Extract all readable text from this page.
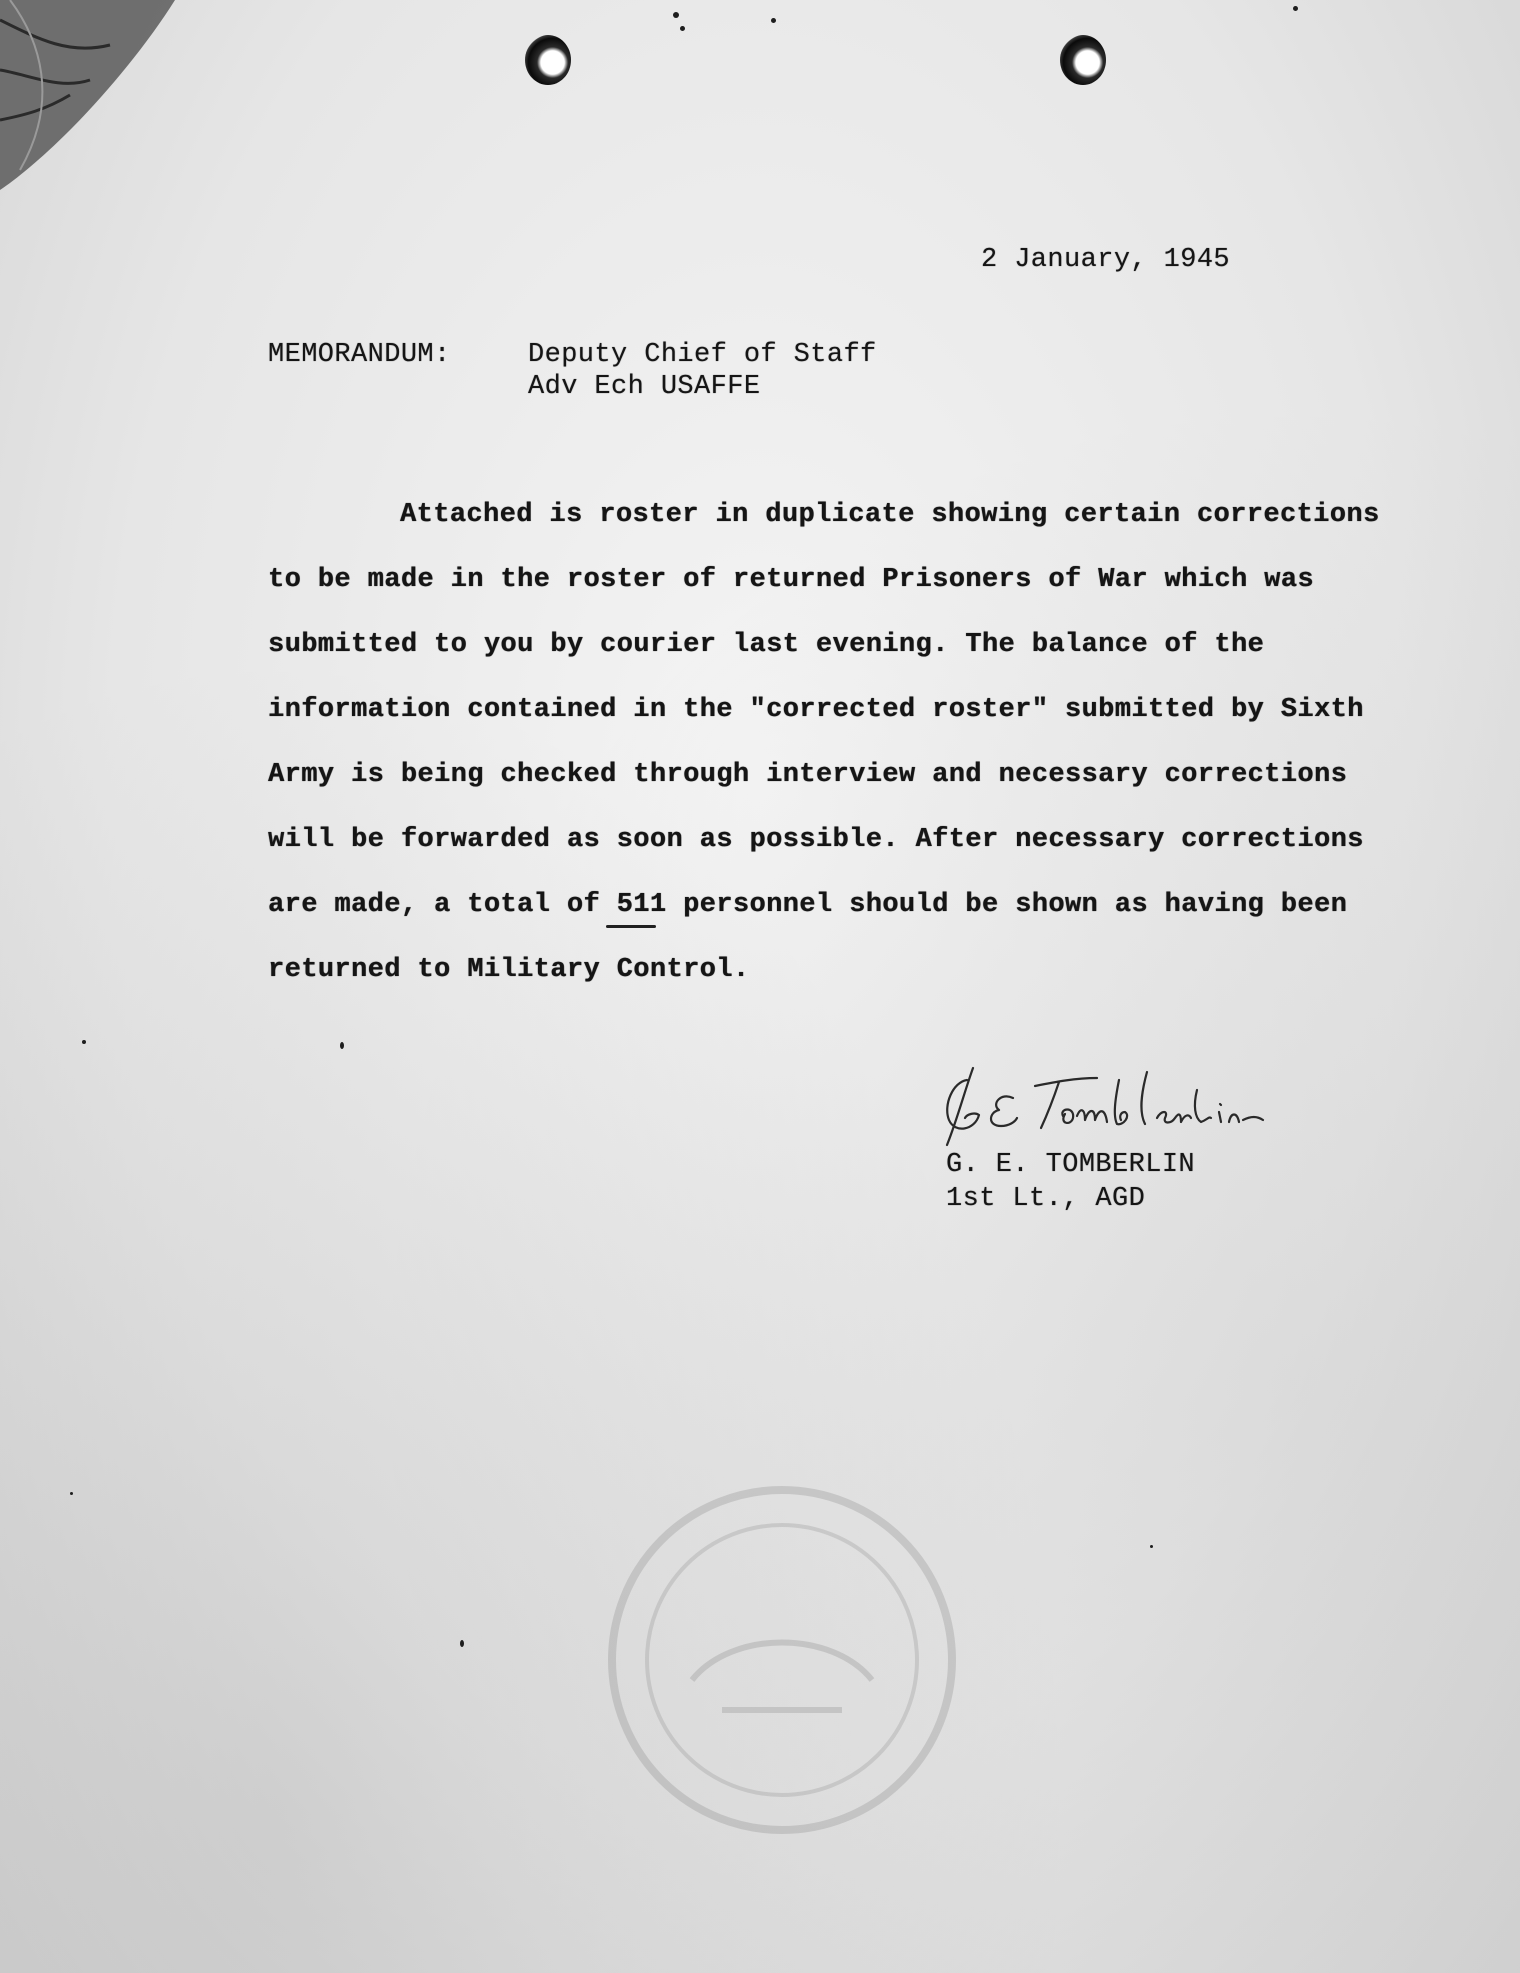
2 January, 1945
MEMORANDUM:	Deputy Chief of Staff
Adv Ech USAFFE
Attached is roster in duplicate showing certain corrections
to be made in the roster of returned Prisoners of War which was
submitted to you by courier last evening. The balance of the
information contained in the "corrected roster" submitted by Sixth
Army is being checked through interview and necessary corrections
will be forwarded as soon as possible. After necessary corrections
are made, a total of 511 personnel should be shown as having been
returned to Military Control.
G. E. TOMBERLIN
1st Lt., AGD
